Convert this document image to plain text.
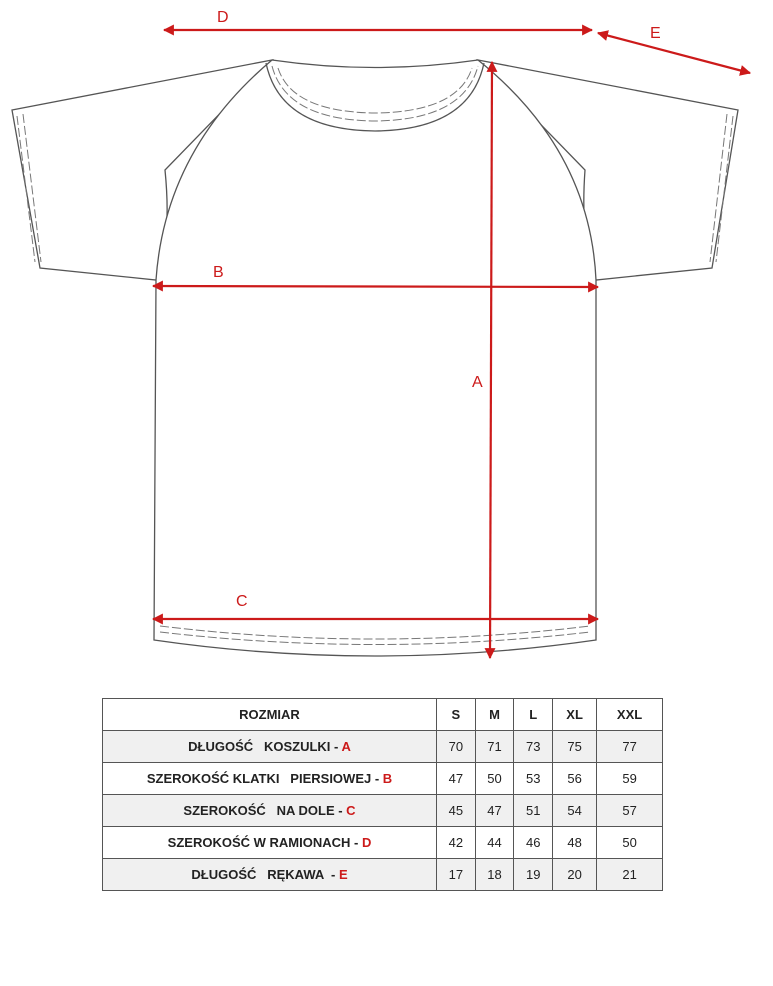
D
E
B
A
C
ROZMIAR	S	M	L	XL	XXL
DŁUGOŚĆ   KOSZULKI - A	70	71	73	75	77
SZEROKOŚĆ KLATKI   PIERSIOWEJ - B	47	50	53	56	59
SZEROKOŚĆ   NA DOLE - C	45	47	51	54	57
SZEROKOŚĆ W RAMIONACH - D	42	44	46	48	50
DŁUGOŚĆ   RĘKAWA  - E	17	18	19	20	21
